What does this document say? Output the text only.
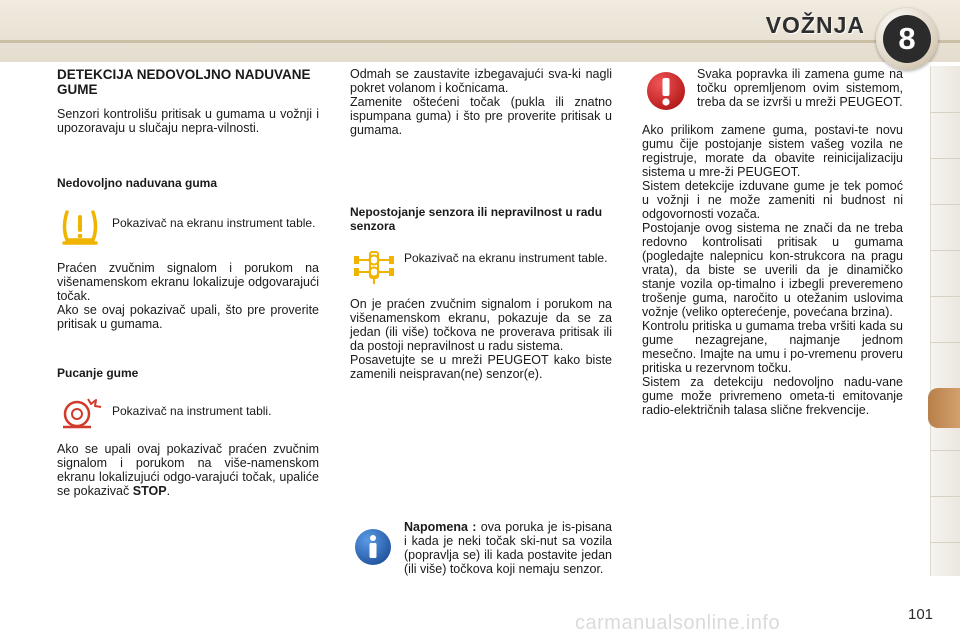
VOŽNJA	8

DETEKCIJA NEDOVOLJNO NADUVANE GUME

Senzori kontrolišu pritisak u gumama u vožnji i upozoravaju u slučaju nepra-vilnosti.

Nedovoljno naduvana guma

Pokazivač na ekranu instrument table.

Praćen zvučnim signalom i porukom na višenamenskom ekranu lokalizuje odgovarajući točak.

Ako se ovaj pokazivač upali, što pre proverite pritisak u gumama.

Pucanje gume

Pokazivač na instrument tabli.

Ako se upali ovaj pokazivač praćen zvučnim signalom i porukom na više-namenskom ekranu lokalizujući odgo-varajući točak, upaliće se pokazivač STOP.

Odmah se zaustavite izbegavajući sva-ki nagli pokret volanom i kočnicama.

Zamenite oštećeni točak (pukla ili znatno ispumpana guma) i što pre proverite pritisak u gumama.

Nepostojanje senzora ili nepravilnost u radu senzora

Pokazivač na ekranu instrument table.

On je praćen zvučnim signalom i porukom na višenamenskom ekranu, pokazuje da se za jedan (ili više) točkova ne proverava pritisak ili da postoji nepravilnost u radu sistema.

Posavetujte se u mreži PEUGEOT kako biste zamenili neispravan(ne) senzor(e).

Napomena : ova poruka je is-pisana i kada je neki točak ski-nut sa vozila (popravlja se) ili kada postavite jedan (ili više) točkova koji nemaju senzor.

Svaka popravka ili zamena gume na točku opremljenom ovim sistemom, treba da se izvrši u mreži PEUGEOT.

Ako prilikom zamene guma, postavi-te novu gumu čije postojanje sistem vašeg vozila ne registruje, morate da obavite reinicijalizaciju sistema u mre-ži PEUGEOT.

Sistem detekcije izduvane gume je tek pomoć u vožnji i ne može zameniti ni budnost ni odgovornosti vozača.

Postojanje ovog sistema ne znači da ne treba redovno kontrolisati pritisak u gumama (pogledajte nalepnicu kon-strukcora na pragu vrata), da biste se uverili da je dinamičko stanje vozila op-timalno i izbegli preveremeno trošenje guma, naročito u otežanim uslovima vožnje (veliko opterećenje, povećana brzina).

Kontrolu pritiska u gumama treba vršiti kada su gume nezagrejane, najmanje jednom mesečno. Imajte na umu i po-vremenu proveru pritiska u rezervnom točku.

Sistem za detekciju nedovoljno nadu-vane gume može privremeno ometa-ti emitovanje radio-električnih talasa slične frekvencije.

carmanualsonline.info	101
